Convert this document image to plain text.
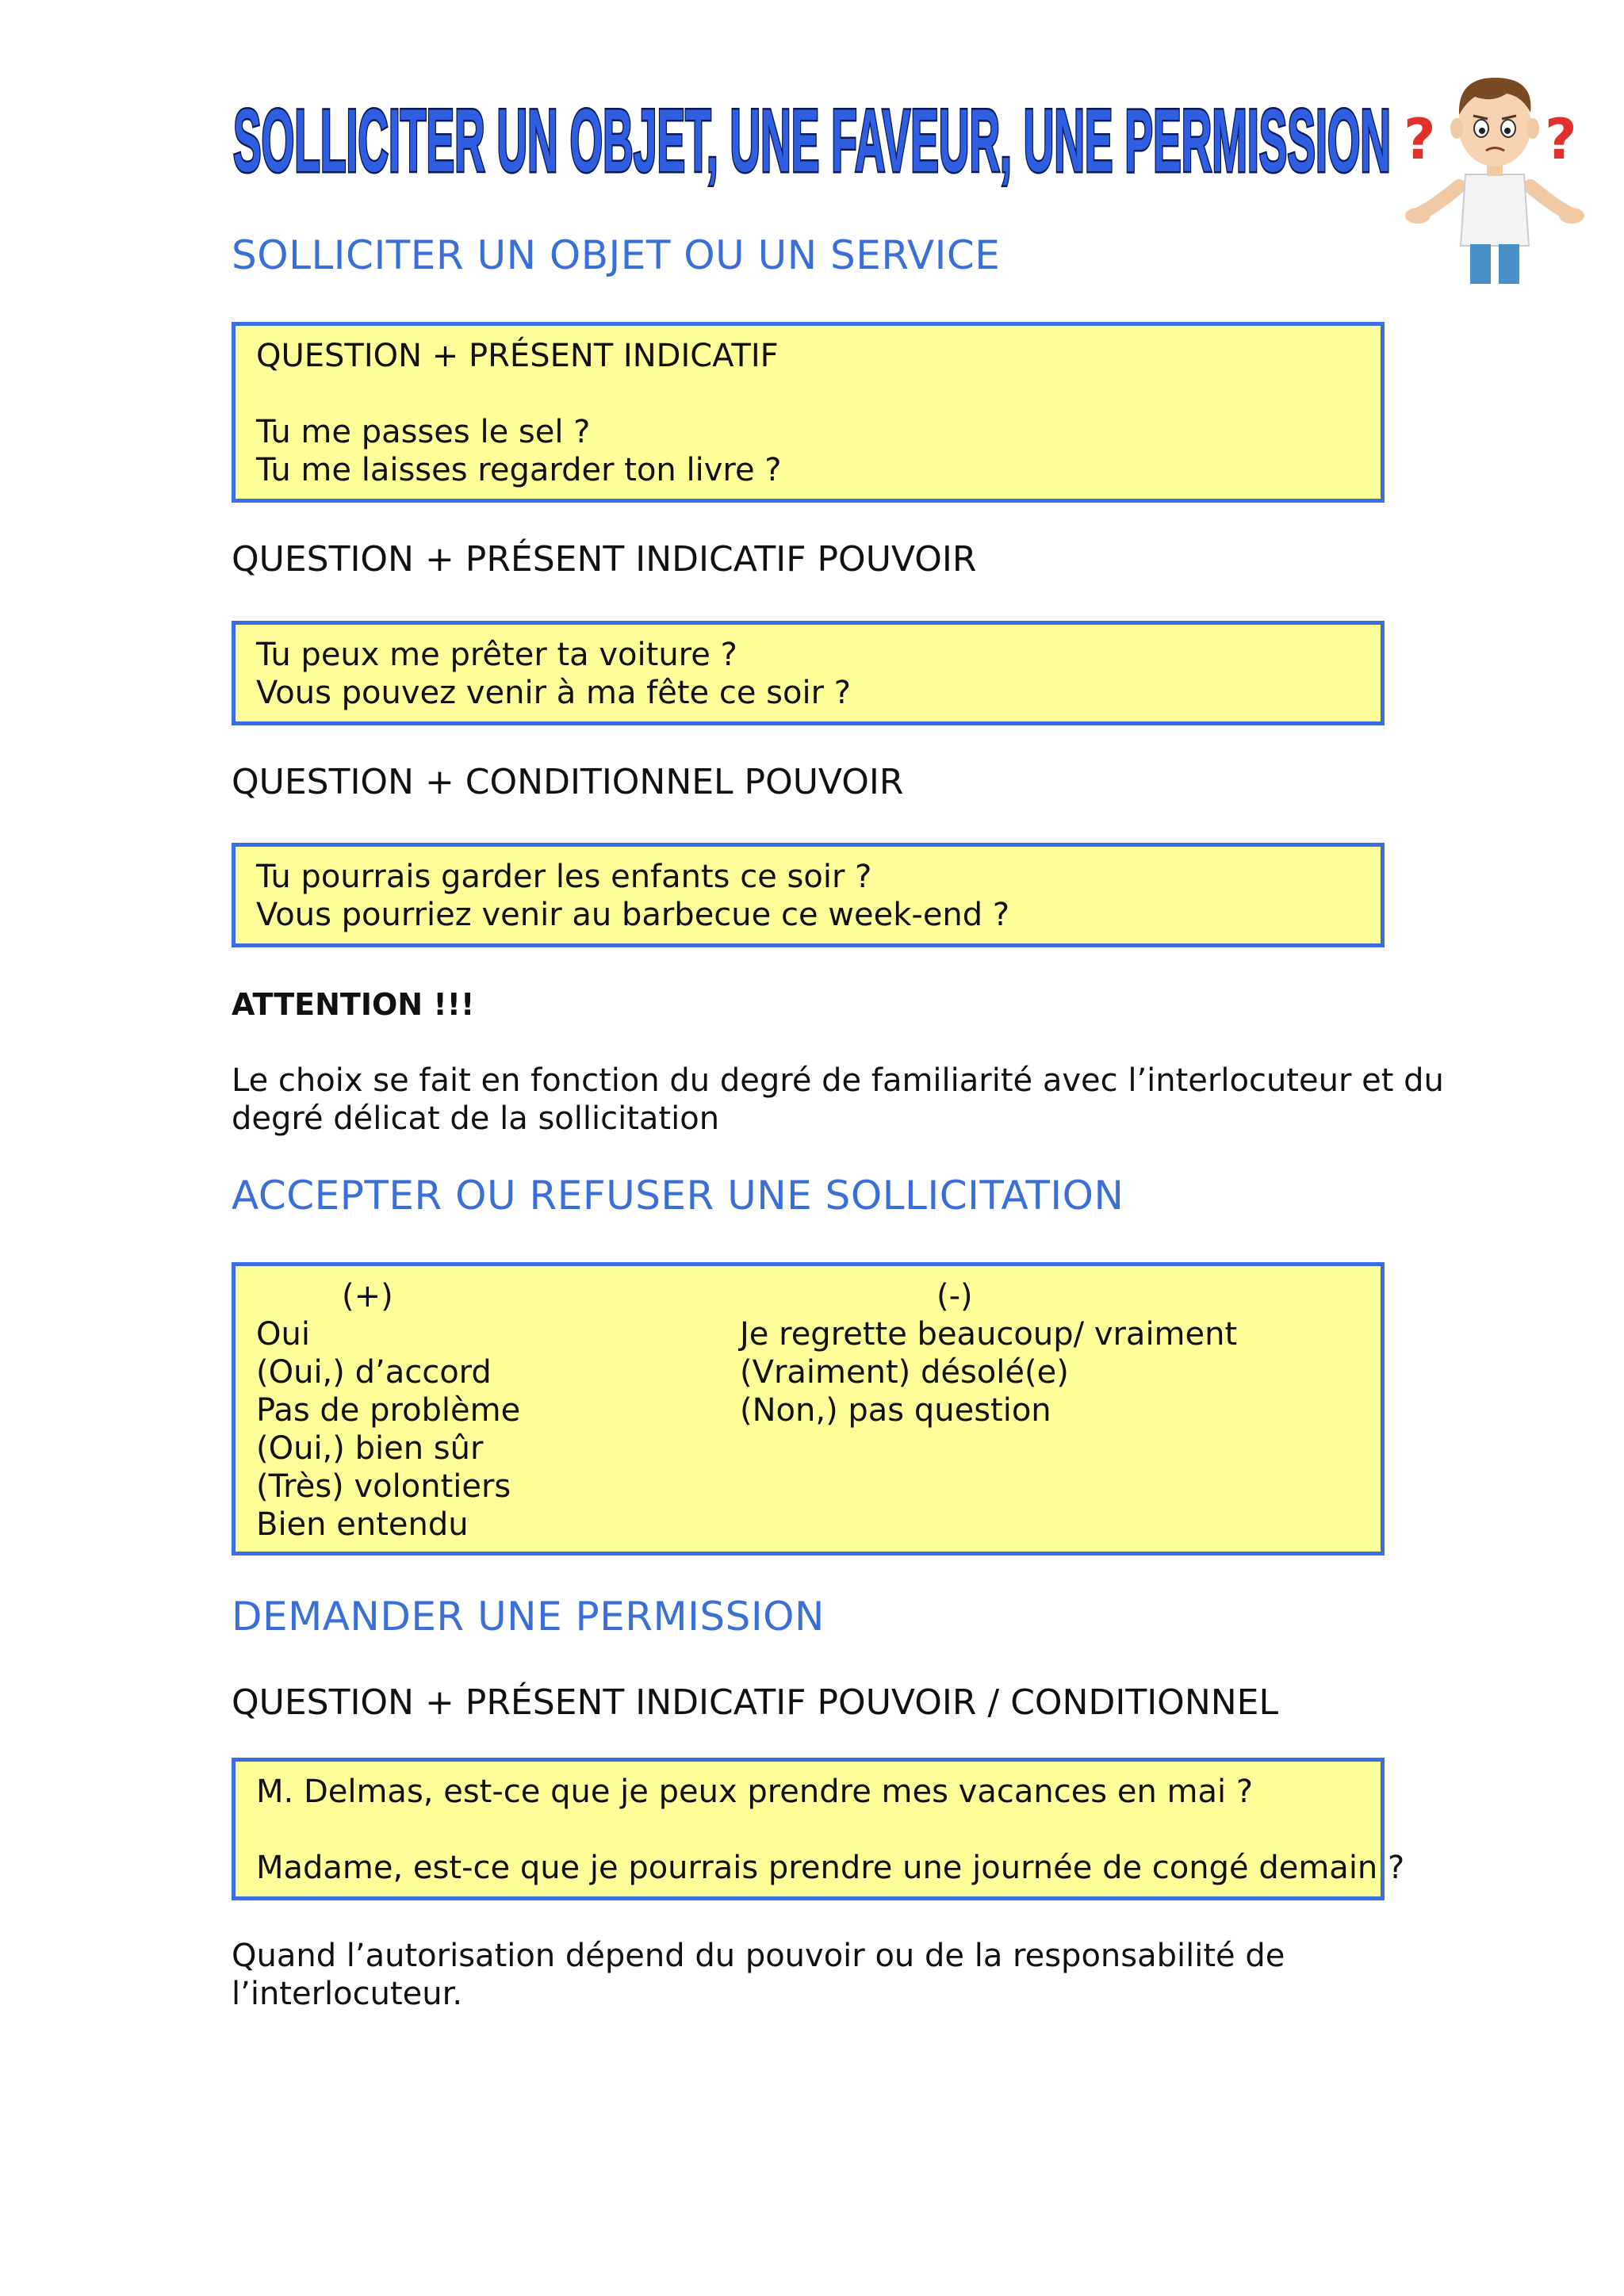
SOLLICITER UN OBJET, UNE FAVEUR, UNE PERMISSION ? ?
SOLLICITER UN OBJET OU UN SERVICE
QUESTION + PRÉSENT INDICATIF
Tu me passes le sel ?
Tu me laisses regarder ton livre ?
QUESTION + PRÉSENT INDICATIF POUVOIR
Tu peux me prêter ta voiture ?
Vous pouvez venir à ma fête ce soir ?
QUESTION + CONDITIONNEL POUVOIR
Tu pourrais garder les enfants ce soir ?
Vous pourriez venir au barbecue ce week-end ?
ATTENTION !!!
Le choix se fait en fonction du degré de familiarité avec l’interlocuteur et du
degré délicat de la sollicitation
ACCEPTER OU REFUSER UNE SOLLICITATION
(+)
Oui
(Oui,) d’accord
Pas de problème
(Oui,) bien sûr
(Très) volontiers
Bien entendu
(-)
Je regrette beaucoup/ vraiment
(Vraiment) désolé(e)
(Non,) pas question
DEMANDER UNE PERMISSION
QUESTION + PRÉSENT INDICATIF POUVOIR / CONDITIONNEL
M. Delmas, est-ce que je peux prendre mes vacances en mai ?
Madame, est-ce que je pourrais prendre une journée de congé demain ?
Quand l’autorisation dépend du pouvoir ou de la responsabilité de
l’interlocuteur.
